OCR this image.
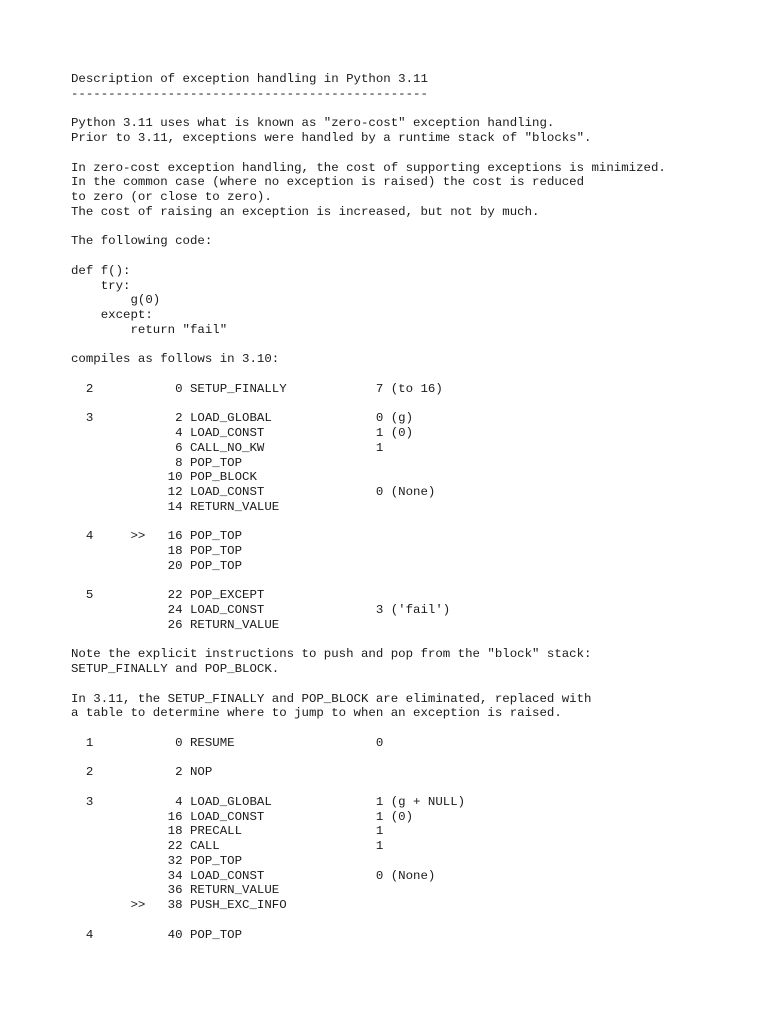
Description of exception handling in Python 3.11
------------------------------------------------
Python 3.11 uses what is known as "zero-cost" exception handling.
Prior to 3.11, exceptions were handled by a runtime stack of "blocks".
In zero-cost exception handling, the cost of supporting exceptions is minimized.
In the common case (where no exception is raised) the cost is reduced
to zero (or close to zero).
The cost of raising an exception is increased, but not by much.
The following code:
def f():
try:
g(0)
except:
return "fail"
compiles as follows in 3.10:
2           0 SETUP_FINALLY            7 (to 16)
3           2 LOAD_GLOBAL              0 (g)
4 LOAD_CONST               1 (0)
6 CALL_NO_KW               1
8 POP_TOP
10 POP_BLOCK
12 LOAD_CONST               0 (None)
14 RETURN_VALUE
4     >>   16 POP_TOP
18 POP_TOP
20 POP_TOP
5          22 POP_EXCEPT
24 LOAD_CONST               3 ('fail')
26 RETURN_VALUE
Note the explicit instructions to push and pop from the "block" stack:
SETUP_FINALLY and POP_BLOCK.
In 3.11, the SETUP_FINALLY and POP_BLOCK are eliminated, replaced with
a table to determine where to jump to when an exception is raised.
1           0 RESUME                   0
2           2 NOP
3           4 LOAD_GLOBAL              1 (g + NULL)
16 LOAD_CONST               1 (0)
18 PRECALL                  1
22 CALL                     1
32 POP_TOP
34 LOAD_CONST               0 (None)
36 RETURN_VALUE
>>   38 PUSH_EXC_INFO
4          40 POP_TOP
